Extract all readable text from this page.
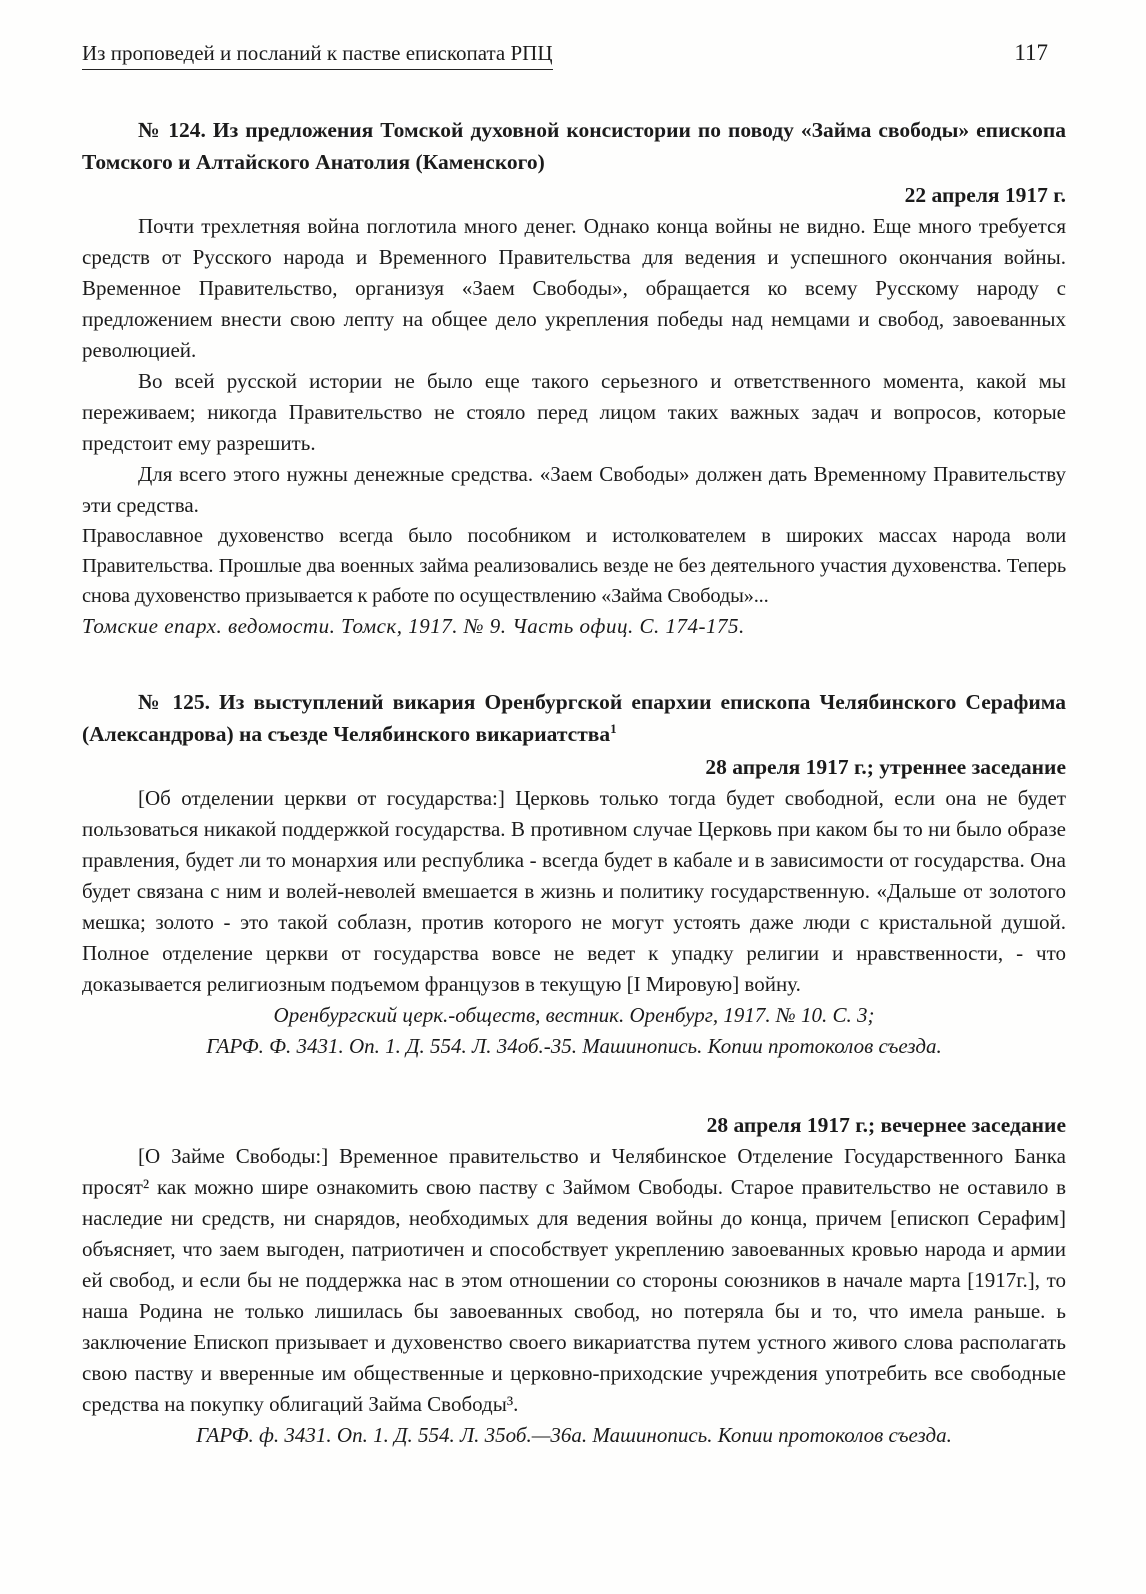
Из проповедей и посланий к пастве епископата РПЦ	117
№ 124. Из предложения Томской духовной консистории по поводу «Займа свободы» епископа Томского и Алтайского Анатолия (Каменского)

22 апреля 1917 г.

Почти трехлетняя война поглотила много денег. Однако конца войны не видно. Еще много требуется средств от Русского народа и Временного Правительства для ведения и успешного окончания войны. Временное Правительство, организуя «Заем Свободы», обращается ко всему Русскому народу с предложением внести свою лепту на общее дело укрепления победы над немцами и свобод, завоеванных революцией.

Во всей русской истории не было еще такого серьезного и ответственного момента, какой мы переживаем; никогда Правительство не стояло перед лицом таких важных задач и вопросов, которые предстоит ему разрешить.

Для всего этого нужны денежные средства. «Заем Свободы» должен дать Временному Правительству эти средства.

Православное духовенство всегда было пособником и истолкователем в широких массах народа воли Правительства. Прошлые два военных займа реализовались везде не без деятельного участия духовенства. Теперь снова духовенство призывается к работе по осуществлению «Займа Свободы»...

Томские епарх. ведомости. Томск, 1917. № 9. Часть офиц. С. 174-175.

№ 125. Из выступлений викария Оренбургской епархии епископа Челябинского Серафима (Александрова) на съезде Челябинского викариатства$^1$

28 апреля 1917 г.; утреннее заседание

[Об отделении церкви от государства:] Церковь только тогда будет свободной, если она не будет пользоваться никакой поддержкой государства. В противном случае Церковь при каком бы то ни было образе правления, будет ли то монархия или республика - всегда будет в кабале и в зависимости от государства. Она будет связана с ним и волей-неволей вмешается в жизнь и политику государственную. «Дальше от золотого мешка; золото - это такой соблазн, против которого не могут устоять даже люди с кристальной душой. Полное отделение церкви от государства вовсе не ведет к упадку религии и нравственности, - что доказывается религиозным подъемом французов в текущую [I Мировую] войну.

Оренбургский церк.-обществ, вестник. Оренбург, 1917. № 10. С. 3;

ГАРФ. Ф. 3431. Оп. 1. Д. 554. Л. 34об.-35. Машинопись. Копии протоколов съезда.

28 апреля 1917 г.; вечернее заседание

[О Займе Свободы:] Временное правительство и Челябинское Отделение Государственного Банка просят² как можно шире ознакомить свою паству с Займом Свободы. Старое правительство не оставило в наследие ни средств, ни снарядов, необходимых для ведения войны до конца, причем [епископ Серафим] объясняет, что заем выгоден, патриотичен и способствует укреплению завоеванных кровью народа и армии ей свобод, и если бы не поддержка нас в этом отношении со стороны союзников в начале марта [1917г.], то наша Родина не только лишилась бы завоеванных свобод, но потеряла бы и то, что имела раньше. ь заключение Епископ призывает и духовенство своего викариатства путем устного живого слова располагать свою паству и вверенные им общественные и церковно-приходские учреждения употребить все свободные средства на покупку облигаций Займа Свободы³.

ГАРФ. ф. 3431. Оп. 1. Д. 554. Л. 35об.—36а. Машинопись. Копии протоколов съезда.
